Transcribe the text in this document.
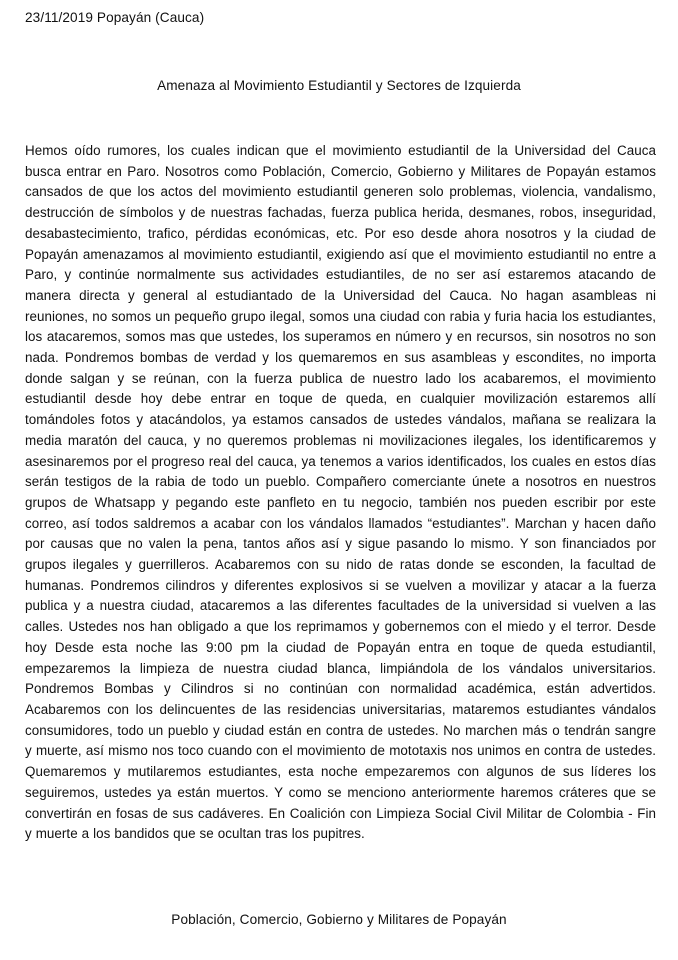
23/11/2019 Popayán (Cauca)
Amenaza al Movimiento Estudiantil y Sectores de Izquierda
Hemos oído rumores, los cuales indican que el movimiento estudiantil de la Universidad del Cauca busca entrar en Paro. Nosotros como Población, Comercio, Gobierno y Militares de Popayán estamos cansados de que los actos del movimiento estudiantil generen solo problemas, violencia, vandalismo, destrucción de símbolos y de nuestras fachadas, fuerza publica herida, desmanes, robos, inseguridad, desabastecimiento, trafico, pérdidas económicas, etc. Por eso desde ahora nosotros y la ciudad de Popayán amenazamos al movimiento estudiantil, exigiendo así que el movimiento estudiantil no entre a Paro, y continúe normalmente sus actividades estudiantiles, de no ser así estaremos atacando de manera directa y general al estudiantado de la Universidad del Cauca. No hagan asambleas ni reuniones, no somos un pequeño grupo ilegal, somos una ciudad con rabia y furia hacia los estudiantes, los atacaremos, somos mas que ustedes, los superamos en número y en recursos, sin nosotros no son nada. Pondremos bombas de verdad y los quemaremos en sus asambleas y escondites, no importa donde salgan y se reúnan, con la fuerza publica de nuestro lado los acabaremos, el movimiento estudiantil desde hoy debe entrar en toque de queda, en cualquier movilización estaremos allí tomándoles fotos y atacándolos, ya estamos cansados de ustedes vándalos, mañana se realizara la media maratón del cauca, y no queremos problemas ni movilizaciones ilegales, los identificaremos y asesinaremos por el progreso real del cauca, ya tenemos a varios identificados, los cuales en estos días serán testigos de la rabia de todo un pueblo. Compañero comerciante únete a nosotros en nuestros grupos de Whatsapp y pegando este panfleto en tu negocio, también nos pueden escribir por este correo, así todos saldremos a acabar con los vándalos llamados “estudiantes”. Marchan y hacen daño por causas que no valen la pena, tantos años así y sigue pasando lo mismo. Y son financiados por grupos ilegales y guerrilleros. Acabaremos con su nido de ratas donde se esconden, la facultad de humanas. Pondremos cilindros y diferentes explosivos si se vuelven a movilizar y atacar a la fuerza publica y a nuestra ciudad, atacaremos a las diferentes facultades de la universidad si vuelven a las calles. Ustedes nos han obligado a que los reprimamos y gobernemos con el miedo y el terror. Desde hoy Desde esta noche las 9:00 pm la ciudad de Popayán entra en toque de queda estudiantil, empezaremos la limpieza de nuestra ciudad blanca, limpiándola de los vándalos universitarios. Pondremos Bombas y Cilindros si no continúan con normalidad académica, están advertidos. Acabaremos con los delincuentes de las residencias universitarias, mataremos estudiantes vándalos consumidores, todo un pueblo y ciudad están en contra de ustedes. No marchen más o tendrán sangre y muerte, así mismo nos toco cuando con el movimiento de mototaxis nos unimos en contra de ustedes. Quemaremos y mutilaremos estudiantes, esta noche empezaremos con algunos de sus líderes los seguiremos, ustedes ya están muertos. Y como se menciono anteriormente haremos cráteres que se convertirán en fosas de sus cadáveres. En Coalición con Limpieza Social Civil Militar de Colombia - Fin y muerte a los bandidos que se ocultan tras los pupitres.
Población, Comercio, Gobierno y Militares de Popayán
